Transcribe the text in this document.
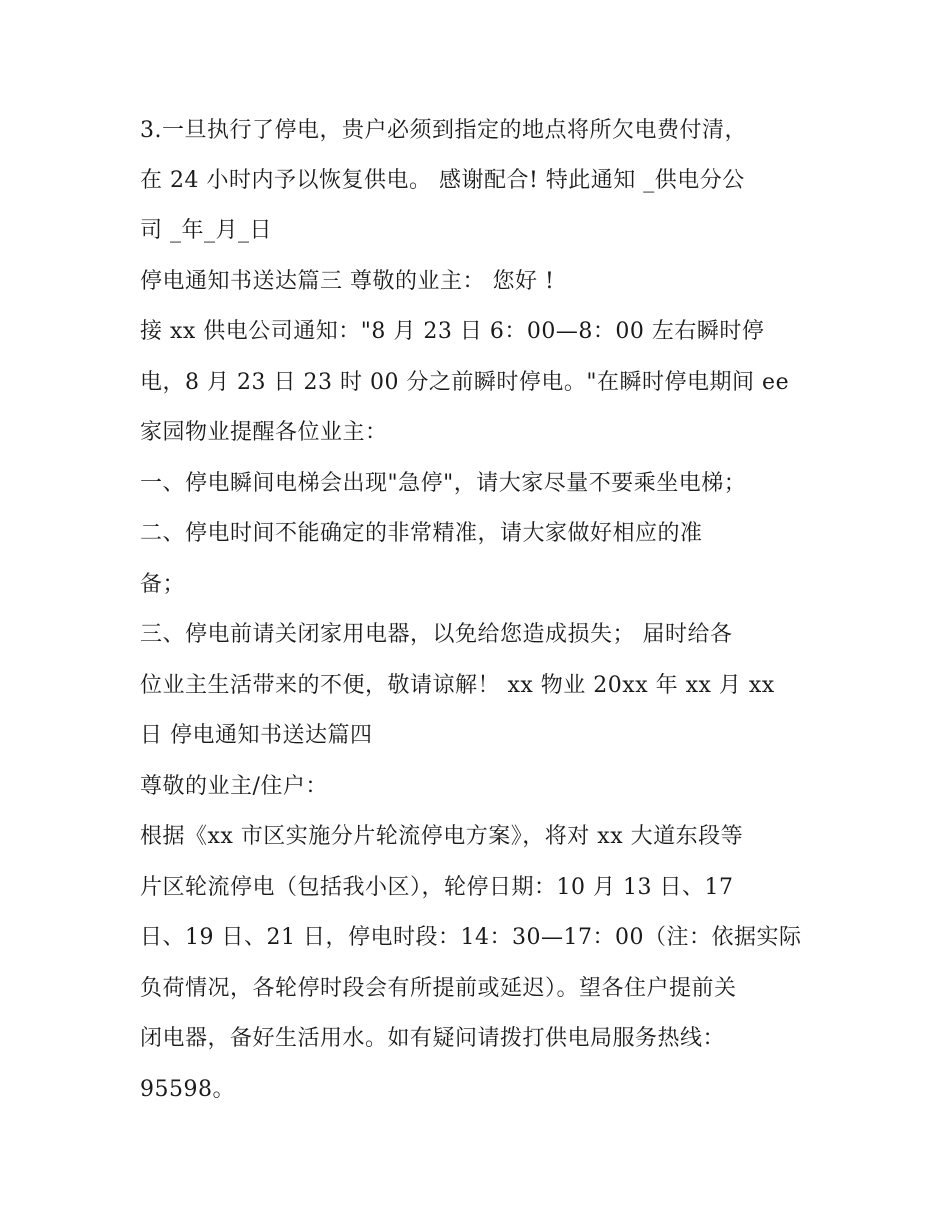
3.一旦执行了停电，贵户必须到指定的地点将所欠电费付清，
在 24 小时内予以恢复供电。 感谢配合! 特此通知 _供电分公
司 _年_月_日
停电通知书送达篇三 尊敬的业主： 您好 !
接 xx 供电公司通知："8 月 23 日 6：00—8：00 左右瞬时停
电，8 月 23 日 23 时 00 分之前瞬时停电。"在瞬时停电期间 ee
家园物业提醒各位业主：
一、停电瞬间电梯会出现"急停"，请大家尽量不要乘坐电梯；
二、停电时间不能确定的非常精准，请大家做好相应的准
备；
三、停电前请关闭家用电器，以免给您造成损失； 届时给各
位业主生活带来的不便，敬请谅解！ xx 物业 20xx 年 xx 月 xx
日 停电通知书送达篇四
尊敬的业主/住户：
根据《xx 市区实施分片轮流停电方案》，将对 xx 大道东段等
片区轮流停电（包括我小区），轮停日期：10 月 13 日、17
日、19 日、21 日，停电时段：14：30—17：00（注：依据实际
负荷情况，各轮停时段会有所提前或延迟）。望各住户提前关
闭电器，备好生活用水。如有疑问请拨打供电局服务热线：
95598。
